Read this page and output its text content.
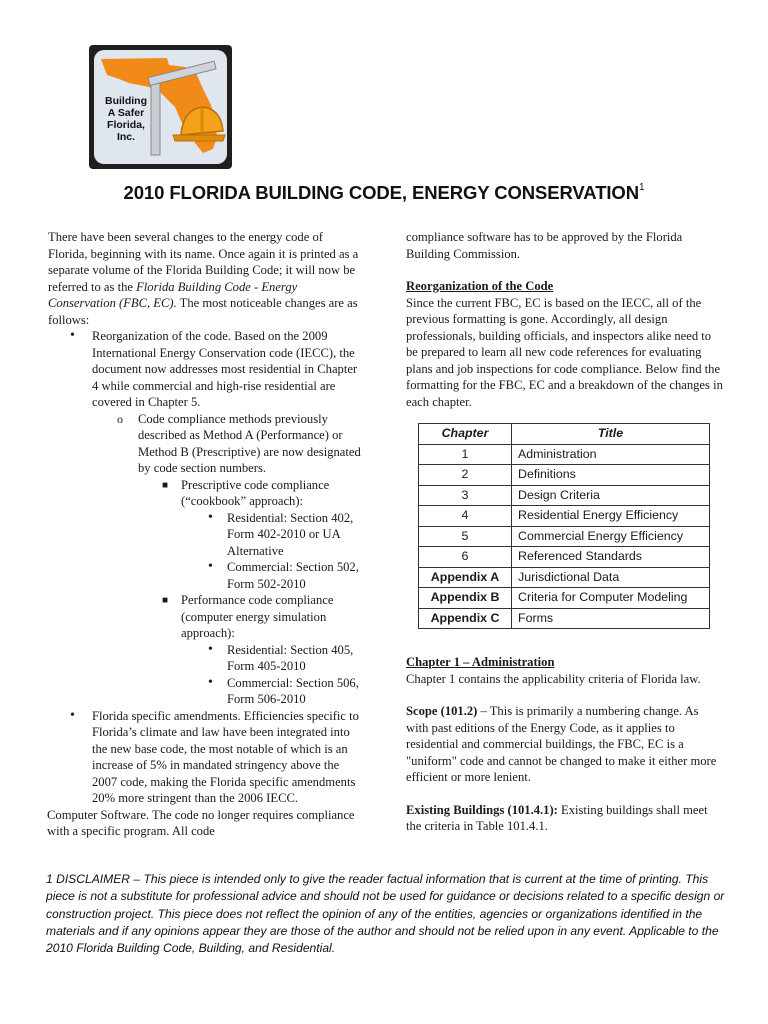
Building
A Safer
Florida,
Inc.
2010 FLORIDA BUILDING CODE, ENERGY CONSERVATION$^1$

There have been several changes to the energy code of Florida, beginning with its name. Once again it is printed as a separate volume of the Florida Building Code; it will now be referred to as the Florida Building Code - Energy Conservation (FBC, EC). The most noticeable changes are as follows:

• Reorganization of the code. Based on the 2009 International Energy Conservation code (IECC), the document now addresses most residential in Chapter 4 while commercial and high-rise residential are covered in Chapter 5.
o Code compliance methods previously described as Method A (Performance) or Method B (Prescriptive) are now designated by code section numbers.
■ Prescriptive code compliance (“cookbook” approach):
• Residential: Section 402, Form 402-2010 or UA Alternative
• Commercial: Section 502, Form 502-2010
■ Performance code compliance (computer energy simulation approach):
• Residential: Section 405, Form 405-2010
• Commercial: Section 506, Form 506-2010
• Florida specific amendments. Efficiencies specific to Florida’s climate and law have been integrated into the new base code, the most notable of which is an increase of 5% in mandated stringency above the 2007 code, making the Florida specific amendments 20% more stringent than the 2006 IECC.

Computer Software. The code no longer requires compliance with a specific program. All code

compliance software has to be approved by the Florida Building Commission.

Reorganization of the Code

Since the current FBC, EC is based on the IECC, all of the previous formatting is gone. Accordingly, all design professionals, building officials, and inspectors alike need to be prepared to learn all new code references for evaluating plans and job inspections for code compliance. Below find the formatting for the FBC, EC and a breakdown of the changes in each chapter.

Chapter	Title
1	Administration
2	Definitions
3	Design Criteria
4	Residential Energy Efficiency
5	Commercial Energy Efficiency
6	Referenced Standards
Appendix A	Jurisdictional Data
Appendix B	Criteria for Computer Modeling
Appendix C	Forms

Chapter 1 – Administration

Chapter 1 contains the applicability criteria of Florida law.

Scope (101.2) – This is primarily a numbering change. As with past editions of the Energy Code, as it applies to residential and commercial buildings, the FBC, EC is a "uniform" code and cannot be changed to make it either more efficient or more lenient.

Existing Buildings (101.4.1): Existing buildings shall meet the criteria in Table 101.4.1.

1 DISCLAIMER – This piece is intended only to give the reader factual information that is current at the time of printing. This piece is not a substitute for professional advice and should not be used for guidance or decisions related to a specific design or construction project. This piece does not reflect the opinion of any of the entities, agencies or organizations identified in the materials and if any opinions appear they are those of the author and should not be relied upon in any event. Applicable to the 2010 Florida Building Code, Building, and Residential.
